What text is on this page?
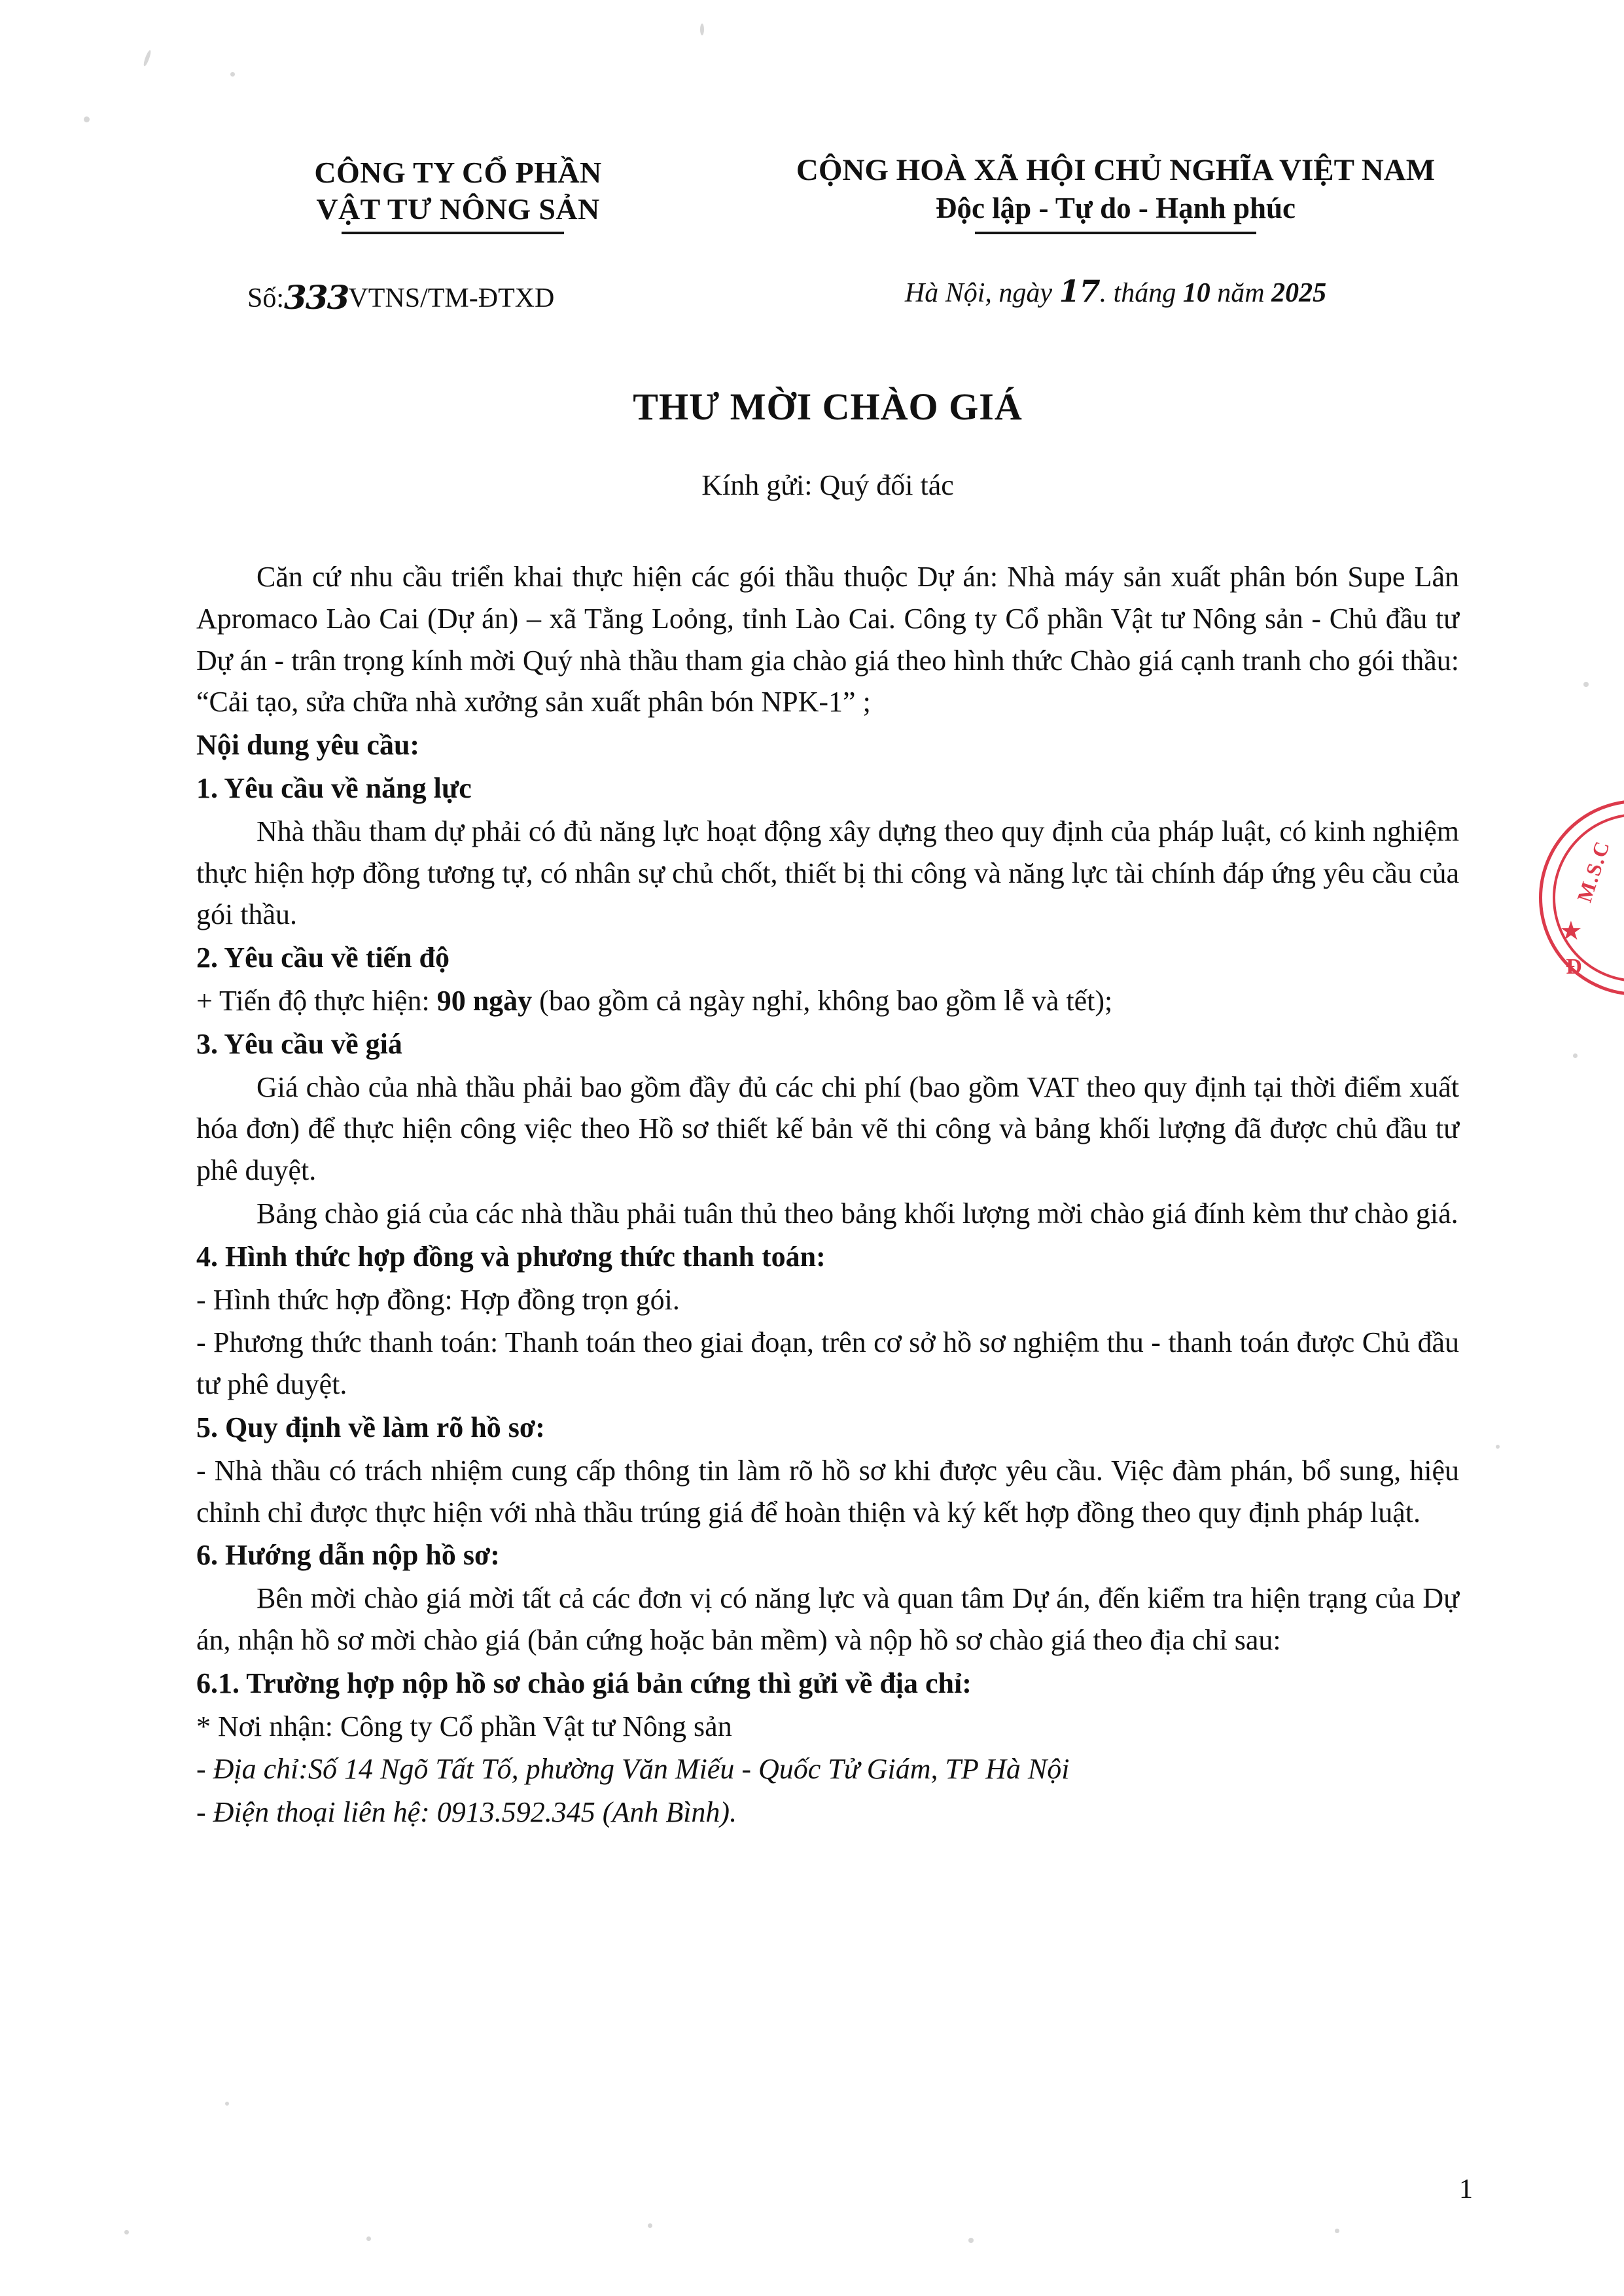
CÔNG TY CỔ PHẦN
VẬT TƯ NÔNG SẢN
CỘNG HOÀ XÃ HỘI CHỦ NGHĨA VIỆT NAM
Độc lập - Tự do - Hạnh phúc
Số:333VTNS/TM-ĐTXD	Hà Nội, ngày 17. tháng 10 năm 2025
THƯ MỜI CHÀO GIÁ
Kính gửi: Quý đối tác

Căn cứ nhu cầu triển khai thực hiện các gói thầu thuộc Dự án: Nhà máy sản xuất phân bón Supe Lân Apromaco Lào Cai (Dự án) – xã Tằng Loỏng, tỉnh Lào Cai. Công ty Cổ phần Vật tư Nông sản - Chủ đầu tư Dự án - trân trọng kính mời Quý nhà thầu tham gia chào giá theo hình thức Chào giá cạnh tranh cho gói thầu: “Cải tạo, sửa chữa nhà xưởng sản xuất phân bón NPK-1” ;

Nội dung yêu cầu:

1. Yêu cầu về năng lực

Nhà thầu tham dự phải có đủ năng lực hoạt động xây dựng theo quy định của pháp luật, có kinh nghiệm thực hiện hợp đồng tương tự, có nhân sự chủ chốt, thiết bị thi công và năng lực tài chính đáp ứng yêu cầu của gói thầu.

2. Yêu cầu về tiến độ

+ Tiến độ thực hiện: 90 ngày (bao gồm cả ngày nghỉ, không bao gồm lễ và tết);

3. Yêu cầu về giá

Giá chào của nhà thầu phải bao gồm đầy đủ các chi phí (bao gồm VAT theo quy định tại thời điểm xuất hóa đơn) để thực hiện công việc theo Hồ sơ thiết kế bản vẽ thi công và bảng khối lượng đã được chủ đầu tư phê duyệt.

Bảng chào giá của các nhà thầu phải tuân thủ theo bảng khối lượng mời chào giá đính kèm thư chào giá.

4. Hình thức hợp đồng và phương thức thanh toán:

- Hình thức hợp đồng: Hợp đồng trọn gói.

- Phương thức thanh toán: Thanh toán theo giai đoạn, trên cơ sở hồ sơ nghiệm thu - thanh toán được Chủ đầu tư phê duyệt.

5. Quy định về làm rõ hồ sơ:

- Nhà thầu có trách nhiệm cung cấp thông tin làm rõ hồ sơ khi được yêu cầu. Việc đàm phán, bổ sung, hiệu chỉnh chỉ được thực hiện với nhà thầu trúng giá để hoàn thiện và ký kết hợp đồng theo quy định pháp luật.

6. Hướng dẫn nộp hồ sơ:

Bên mời chào giá mời tất cả các đơn vị có năng lực và quan tâm Dự án, đến kiểm tra hiện trạng của Dự án, nhận hồ sơ mời chào giá (bản cứng hoặc bản mềm) và nộp hồ sơ chào giá theo địa chỉ sau:

6.1. Trường hợp nộp hồ sơ chào giá bản cứng thì gửi về địa chỉ:

* Nơi nhận: Công ty Cổ phần Vật tư Nông sản

- Địa chỉ:Số 14 Ngõ Tất Tố, phường Văn Miếu - Quốc Tử Giám, TP Hà Nội

- Điện thoại liên hệ: 0913.592.345 (Anh Bình).

M.S.C
★
Đ
1
